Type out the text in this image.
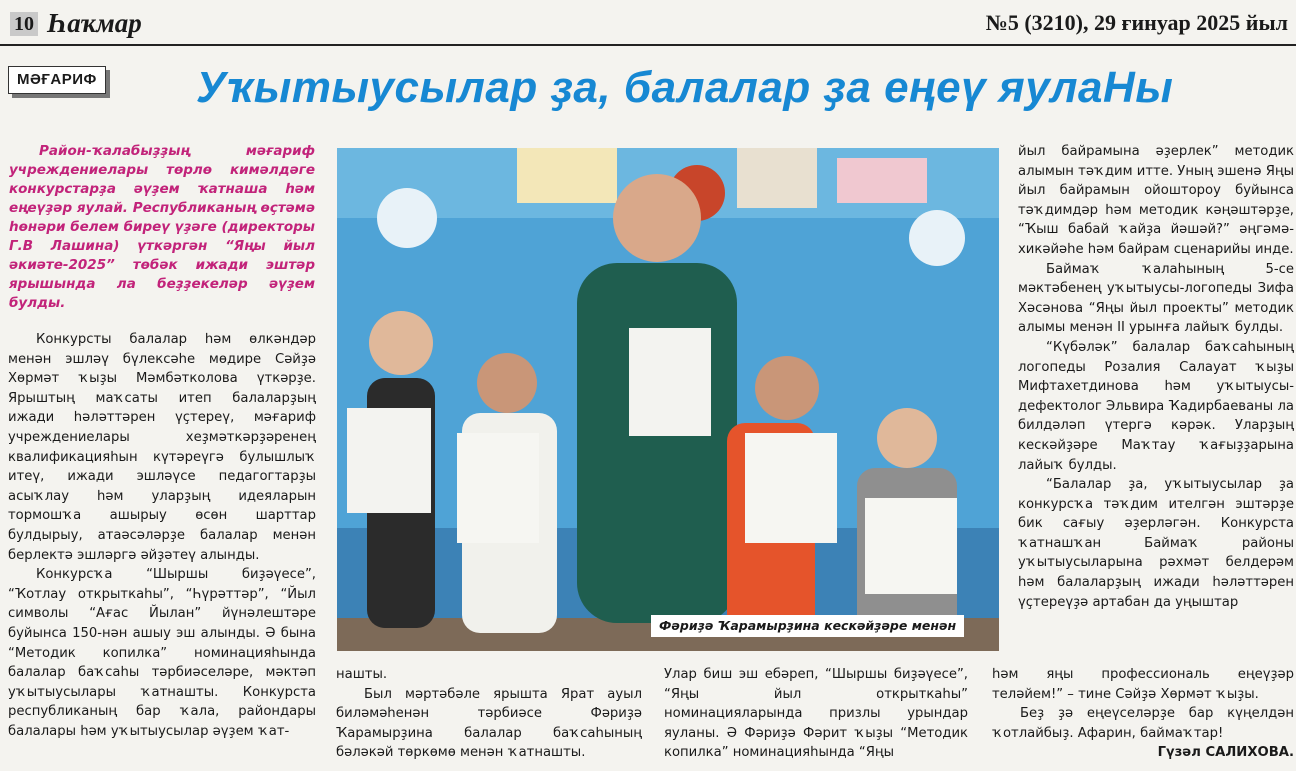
10 Һаҡмар	№5 (3210), 29 ғинуар 2025 йыл
МӘҒАРИФ Уҡытыусылар ҙа, балалар ҙа еңеү яулаНы
Район-ҡалабыҙҙың мәғариф учреждениелары төрлө кимәлдәге конкурстарҙа әүҙем ҡатнаша һәм еңеүҙәр яулай. Республиканың өҫтәмә һөнәри белем биреү үҙәге (директоры Г.В Лашина) үткәргән “Яңы йыл әкиәте-2025” төбәк ижади эштәр ярышында ла беҙҙекеләр әүҙем булды.

Конкурсты балалар һәм өлкәндәр менән эшләү бүлексәһе мөдире Сәйҙә Хөрмәт ҡыҙы Мәмбәтколова үткәрҙе. Ярыштың маҡсаты итеп балаларҙың ижади һәләттәрен үҫтереү, мәғариф учреждениелары хеҙмәткәрҙәренең квалификацияһын күтәреүгә булышлыҡ итеү, ижади эшләүсе педагогтарҙы асыҡлау һәм уларҙың идеяларын тормошҡа ашырыу өсөн шарттар булдырыу, атаәсәләрҙе балалар менән берлектә эшләргә әйҙәтеү алынды.

Конкурсҡа “Шыршы биҙәүесе”, “Ҡотлау открыткаһы”, “Һүрәттәр”, “Йыл символы “Ағас Йылан” йүнәлештәре буйынса 150-нән ашыу эш алынды. Ә бына “Методик копилка” номинацияһында балалар баҡсаһы тәрбиәселәре, мәктәп уҡытыусылары ҡатнашты. Конкурста республиканың бар ҡала, райондары балалары һәм уҡытыусылар әүҙем ҡат-

Фәриҙә Ҡарамырҙина кескәйҙәре менән

нашты.

Был мәртәбәле ярышта Ярат ауыл биләмәһенән тәрбиәсе Фәриҙә Ҡарамырҙина балалар баҡсаһының бәләкәй төркөмө менән ҡатнашты.

Улар биш эш ебәреп, “Шыршы биҙәүесе”, “Яңы йыл открыткаһы” номинацияларында призлы урындар яуланы. Ә Фәриҙә Фәрит ҡыҙы “Методик копилка” номинацияһында “Яңы

йыл байрамына әҙерлек” методик алымын тәҡдим итте. Уның эшенә Яңы йыл байрамын ойоштороу буйынса тәҡдимдәр һәм методик кәңәштәрҙе, “Ҡыш бабай ҡайҙа йәшәй?” әңгәмә-хикәйәһе һәм байрам сценарийы инде.

Баймаҡ ҡалаһының 5-се мәктәбенең уҡытыусы-логопеды Зифа Хәсәнова “Яңы йыл проекты” методик алымы менән II урынға лайыҡ булды.

“Күбәләк” балалар баҡсаһының логопеды Розалия Салауат ҡыҙы Мифтахетдинова һәм уҡытыусы-дефектолог Эльвира Ҡадирбаеваны ла билдәләп үтергә кәрәк. Уларҙың кескәйҙәре Маҡтау ҡағыҙҙарына лайыҡ булды.

“Балалар ҙа, уҡытыусылар ҙа конкурсҡа тәҡдим ителгән эштәрҙе бик сағыу әҙерләгән. Конкурста ҡатнашҡан Баймаҡ районы уҡытыусыларына рәхмәт белдерәм һәм балаларҙың ижади һәләттәрен үҫтереүҙә артабан да уңыштар

һәм яңы профессиональ еңеүҙәр теләйем!” – тине Сәйҙә Хөрмәт ҡыҙы.

Беҙ ҙә еңеүселәрҙе бар күңелдән ҡотлайбыҙ. Афарин, баймаҡтар!

Гүзәл САЛИХОВА.
